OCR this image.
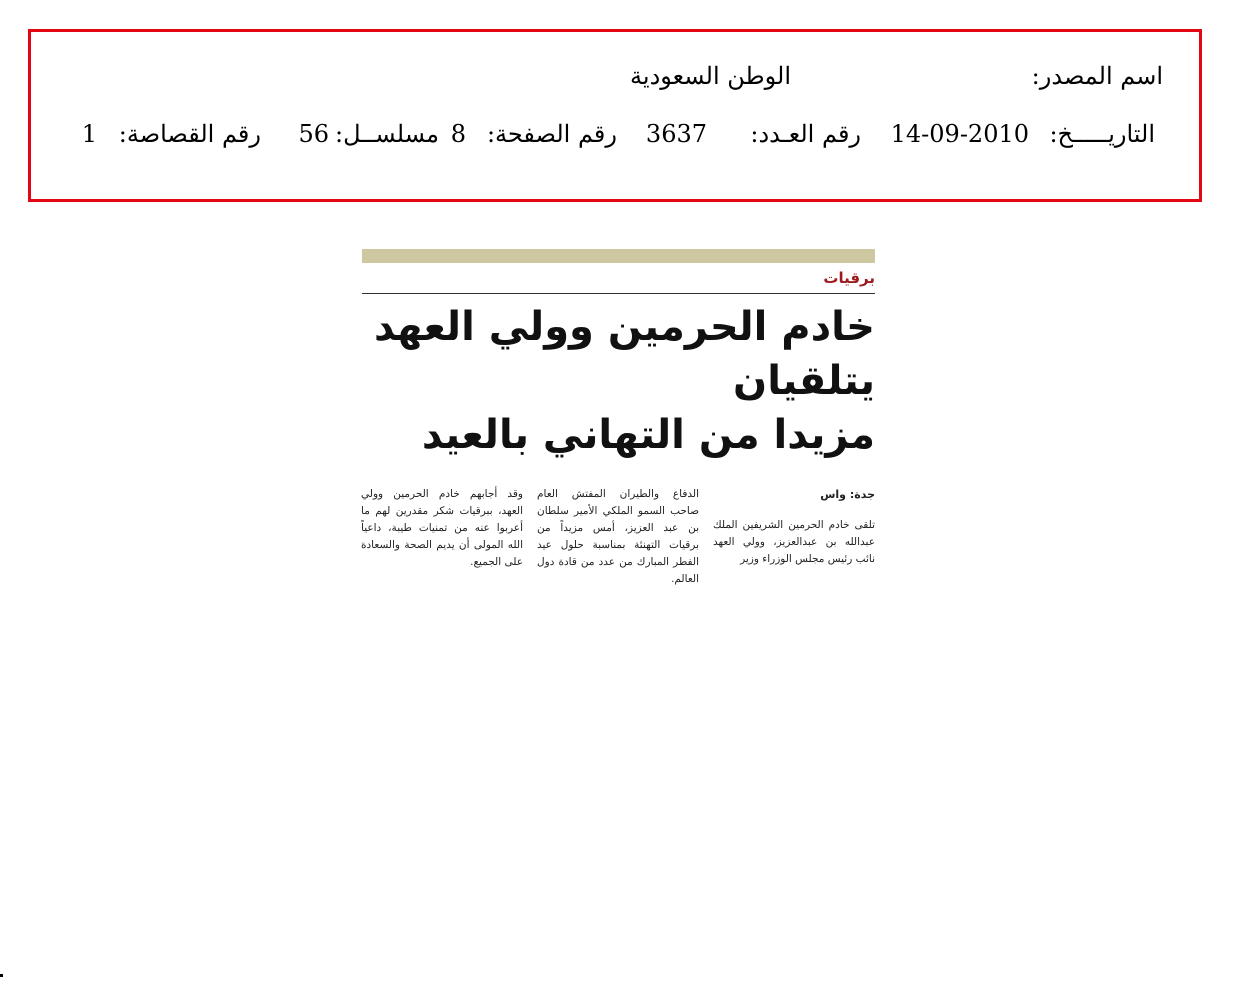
اسم المصدر:
الوطن السعودية
التاريـــــخ:
14-09-2010
رقم العـدد:
3637
رقم الصفحة:
8
مسلســل:
56
رقم القصاصة:
1
برقيات
خادم الحرمين وولي العهد يتلقيان
مزيدا من التهاني بالعيد
جدة: واس
تلقى خادم الحرمين الشريفين الملك عبدالله بن عبدالعزيز، وولي العهد نائب رئيس مجلس الوزراء وزير
الدفاع والطيران المفتش العام صاحب السمو الملكي الأمير سلطان بن عبد العزيز، أمس مزيداً من برقيات التهنئة بمناسبة حلول عيد الفطر المبارك من عدد من قادة دول العالم.
وقد أجابهم خادم الحرمين وولي العهد، ببرقيات شكر مقدرين لهم ما أعربوا عنه من تمنيات طيبة، داعياً الله المولى أن يديم الصحة والسعادة على الجميع.
